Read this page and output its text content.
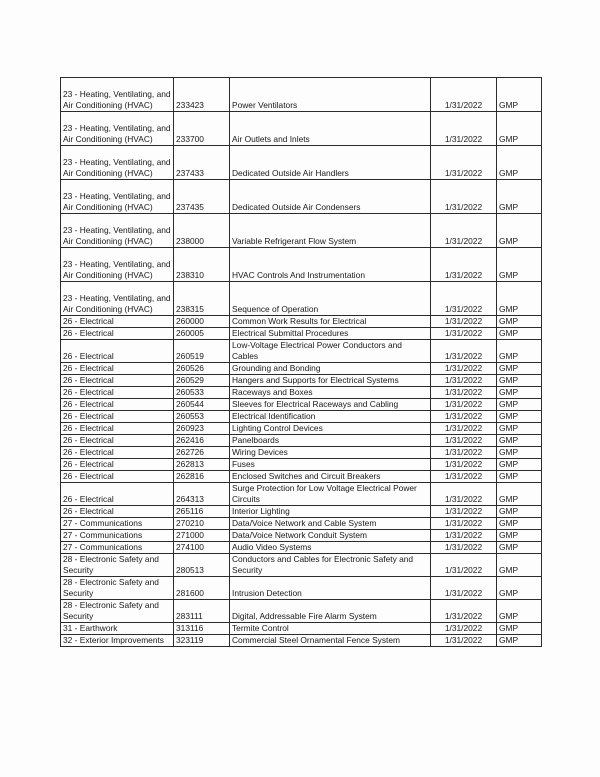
23 - Heating, Ventilating, and Air Conditioning (HVAC)	233423	Power Ventilators	1/31/2022	GMP
23 - Heating, Ventilating, and Air Conditioning (HVAC)	233700	Air Outlets and Inlets	1/31/2022	GMP
23 - Heating, Ventilating, and Air Conditioning (HVAC)	237433	Dedicated Outside Air Handlers	1/31/2022	GMP
23 - Heating, Ventilating, and Air Conditioning (HVAC)	237435	Dedicated Outside Air Condensers	1/31/2022	GMP
23 - Heating, Ventilating, and Air Conditioning (HVAC)	238000	Variable Refrigerant Flow System	1/31/2022	GMP
23 - Heating, Ventilating, and Air Conditioning (HVAC)	238310	HVAC Controls And Instrumentation	1/31/2022	GMP
23 - Heating, Ventilating, and Air Conditioning (HVAC)	238315	Sequence of Operation	1/31/2022	GMP
26 - Electrical	260000	Common Work Results for Electrical	1/31/2022	GMP
26 - Electrical	260005	Electrical Submittal Procedures	1/31/2022	GMP
26 - Electrical	260519	Low-Voltage Electrical Power Conductors and Cables	1/31/2022	GMP
26 - Electrical	260526	Grounding and Bonding	1/31/2022	GMP
26 - Electrical	260529	Hangers and Supports for Electrical Systems	1/31/2022	GMP
26 - Electrical	260533	Raceways and Boxes	1/31/2022	GMP
26 - Electrical	260544	Sleeves for Electrical Raceways and Cabling	1/31/2022	GMP
26 - Electrical	260553	Electrical Identification	1/31/2022	GMP
26 - Electrical	260923	Lighting Control Devices	1/31/2022	GMP
26 - Electrical	262416	Panelboards	1/31/2022	GMP
26 - Electrical	262726	Wiring Devices	1/31/2022	GMP
26 - Electrical	262813	Fuses	1/31/2022	GMP
26 - Electrical	262816	Enclosed Switches and Circuit Breakers	1/31/2022	GMP
26 - Electrical	264313	Surge Protection for Low Voltage Electrical Power Circuits	1/31/2022	GMP
26 - Electrical	265116	Interior Lighting	1/31/2022	GMP
27 - Communications	270210	Data/Voice Network and Cable System	1/31/2022	GMP
27 - Communications	271000	Data/Voice Network Conduit System	1/31/2022	GMP
27 - Communications	274100	Audio Video Systems	1/31/2022	GMP
28 - Electronic Safety and Security	280513	Conductors and Cables for Electronic Safety and Security	1/31/2022	GMP
28 - Electronic Safety and Security	281600	Intrusion Detection	1/31/2022	GMP
28 - Electronic Safety and Security	283111	Digital, Addressable Fire Alarm System	1/31/2022	GMP
31 - Earthwork	313116	Termite Control	1/31/2022	GMP
32 - Exterior Improvements	323119	Commercial Steel Ornamental Fence System	1/31/2022	GMP
